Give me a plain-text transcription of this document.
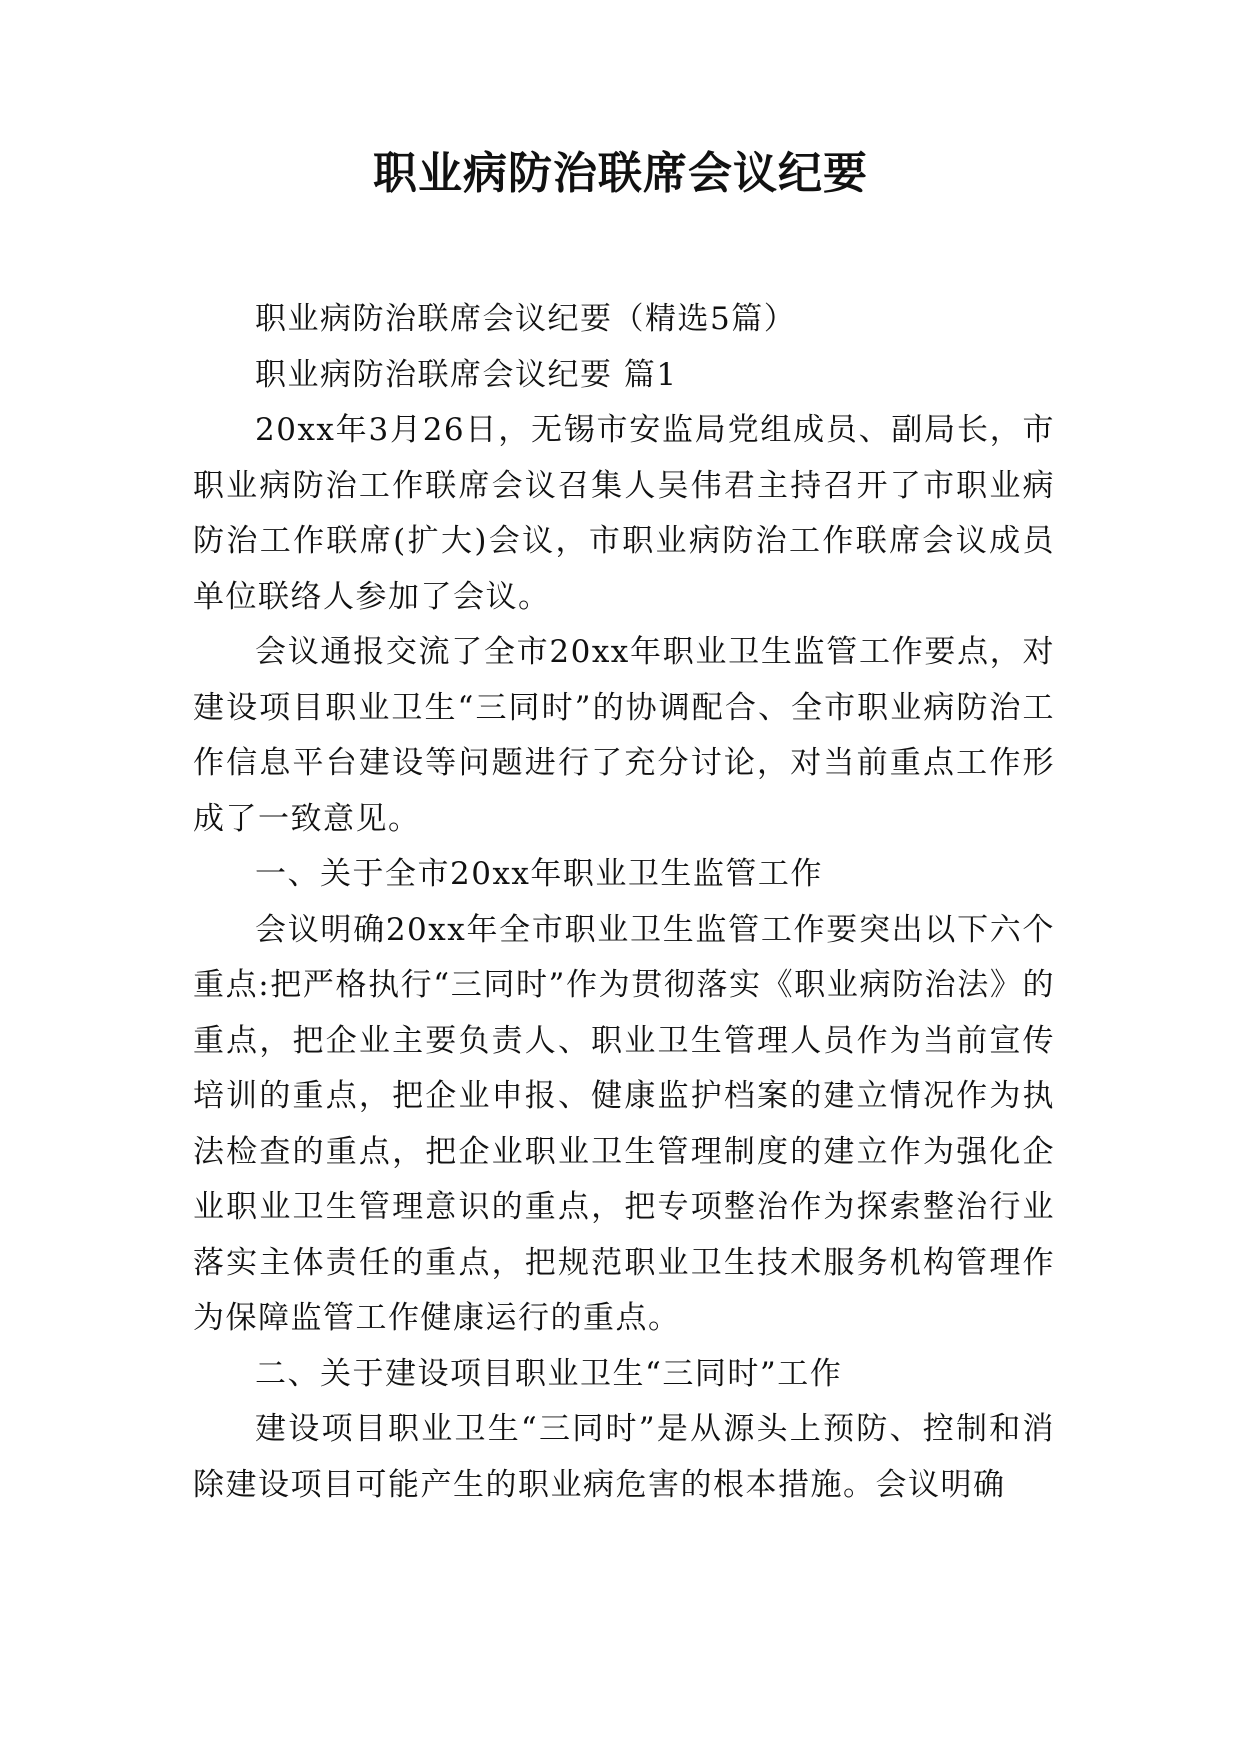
职业病防治联席会议纪要

职业病防治联席会议纪要（精选5篇）

职业病防治联席会议纪要 篇1

20xx年3月26日，无锡市安监局党组成员、副局长，市职业病防治工作联席会议召集人吴伟君主持召开了市职业病防治工作联席(扩大)会议，市职业病防治工作联席会议成员单位联络人参加了会议。

会议通报交流了全市20xx年职业卫生监管工作要点，对建设项目职业卫生“三同时”的协调配合、全市职业病防治工作信息平台建设等问题进行了充分讨论，对当前重点工作形成了一致意见。

一、关于全市20xx年职业卫生监管工作

会议明确20xx年全市职业卫生监管工作要突出以下六个重点:把严格执行“三同时”作为贯彻落实《职业病防治法》的重点，把企业主要负责人、职业卫生管理人员作为当前宣传培训的重点，把企业申报、健康监护档案的建立情况作为执法检查的重点，把企业职业卫生管理制度的建立作为强化企业职业卫生管理意识的重点，把专项整治作为探索整治行业落实主体责任的重点，把规范职业卫生技术服务机构管理作为保障监管工作健康运行的重点。

二、关于建设项目职业卫生“三同时”工作

建设项目职业卫生“三同时”是从源头上预防、控制和消除建设项目可能产生的职业病危害的根本措施。会议明确
